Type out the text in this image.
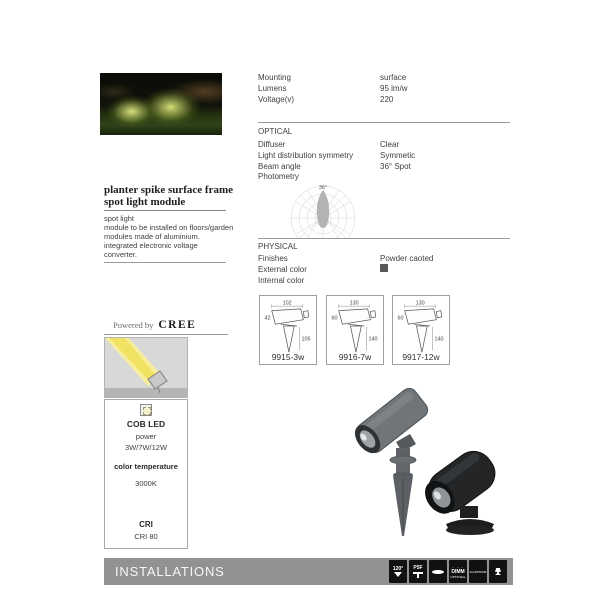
Mounting	surface
Lumens	95 lm/w
Voltage(v)	220
OPTICAL
Diffuser	Clear
Light distribution symmetry	Symmetic
Beam angle	36° Spot
Photometry
36°
PHYSICAL
Finishes	Powder caoted
External color
Internal color
102
42
105
9915-3w
130
60
140
9916-7w
130
60
140
9917-12w
planter spike surface frame
spot light module
spot light
module to be installed on floors/garden
modules made of aluminium.
integrated electronic voltage
converter.
Powered by CREE
COB LED
power
3W/7W/12W
color temperature
3000K
CRI
CRI 80
INSTALLATIONS	120° P5F	- - -
DIMM
OPTIONAL
ALUMINIUM
